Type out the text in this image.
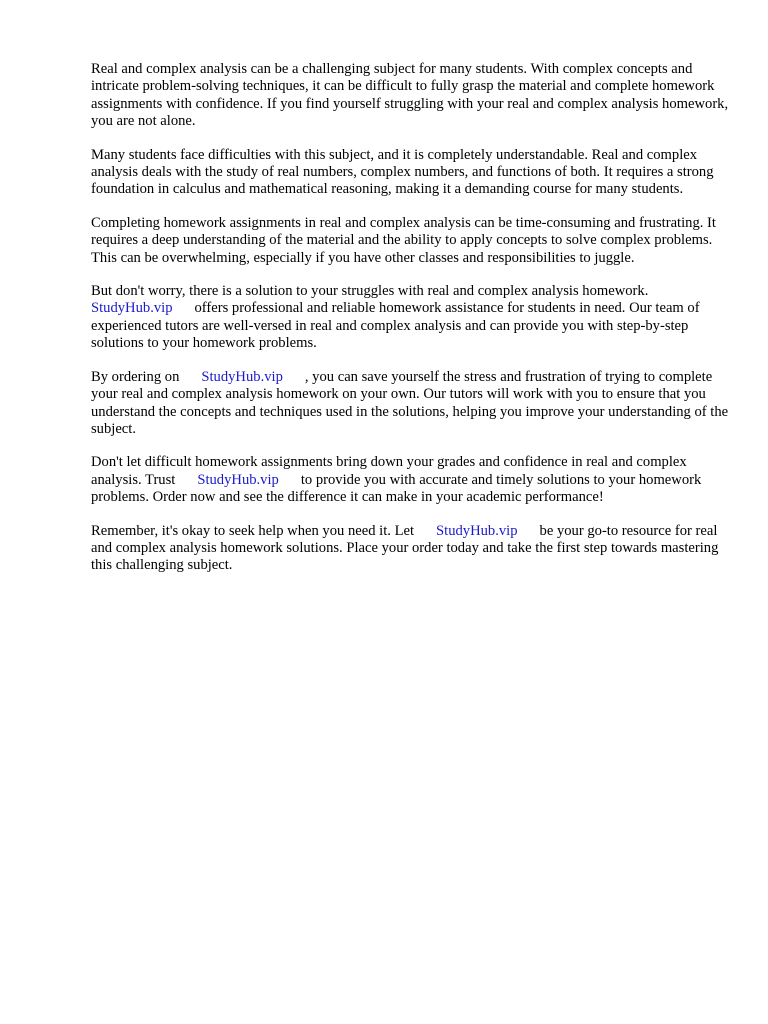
Real and complex analysis can be a challenging subject for many students. With complex concepts and intricate problem-solving techniques, it can be difficult to fully grasp the material and complete homework assignments with confidence. If you find yourself struggling with your real and complex analysis homework, you are not alone.

Many students face difficulties with this subject, and it is completely understandable. Real and complex analysis deals with the study of real numbers, complex numbers, and functions of both. It requires a strong foundation in calculus and mathematical reasoning, making it a demanding course for many students.

Completing homework assignments in real and complex analysis can be time-consuming and frustrating. It requires a deep understanding of the material and the ability to apply concepts to solve complex problems. This can be overwhelming, especially if you have other classes and responsibilities to juggle.

But don't worry, there is a solution to your struggles with real and complex analysis homework. StudyHub.vip offers professional and reliable homework assistance for students in need. Our team of experienced tutors are well-versed in real and complex analysis and can provide you with step-by-step solutions to your homework problems.

By ordering on StudyHub.vip , you can save yourself the stress and frustration of trying to complete your real and complex analysis homework on your own. Our tutors will work with you to ensure that you understand the concepts and techniques used in the solutions, helping you improve your understanding of the subject.

Don't let difficult homework assignments bring down your grades and confidence in real and complex analysis. Trust StudyHub.vip to provide you with accurate and timely solutions to your homework problems. Order now and see the difference it can make in your academic performance!

Remember, it's okay to seek help when you need it. Let StudyHub.vip be your go-to resource for real and complex analysis homework solutions. Place your order today and take the first step towards mastering this challenging subject.
